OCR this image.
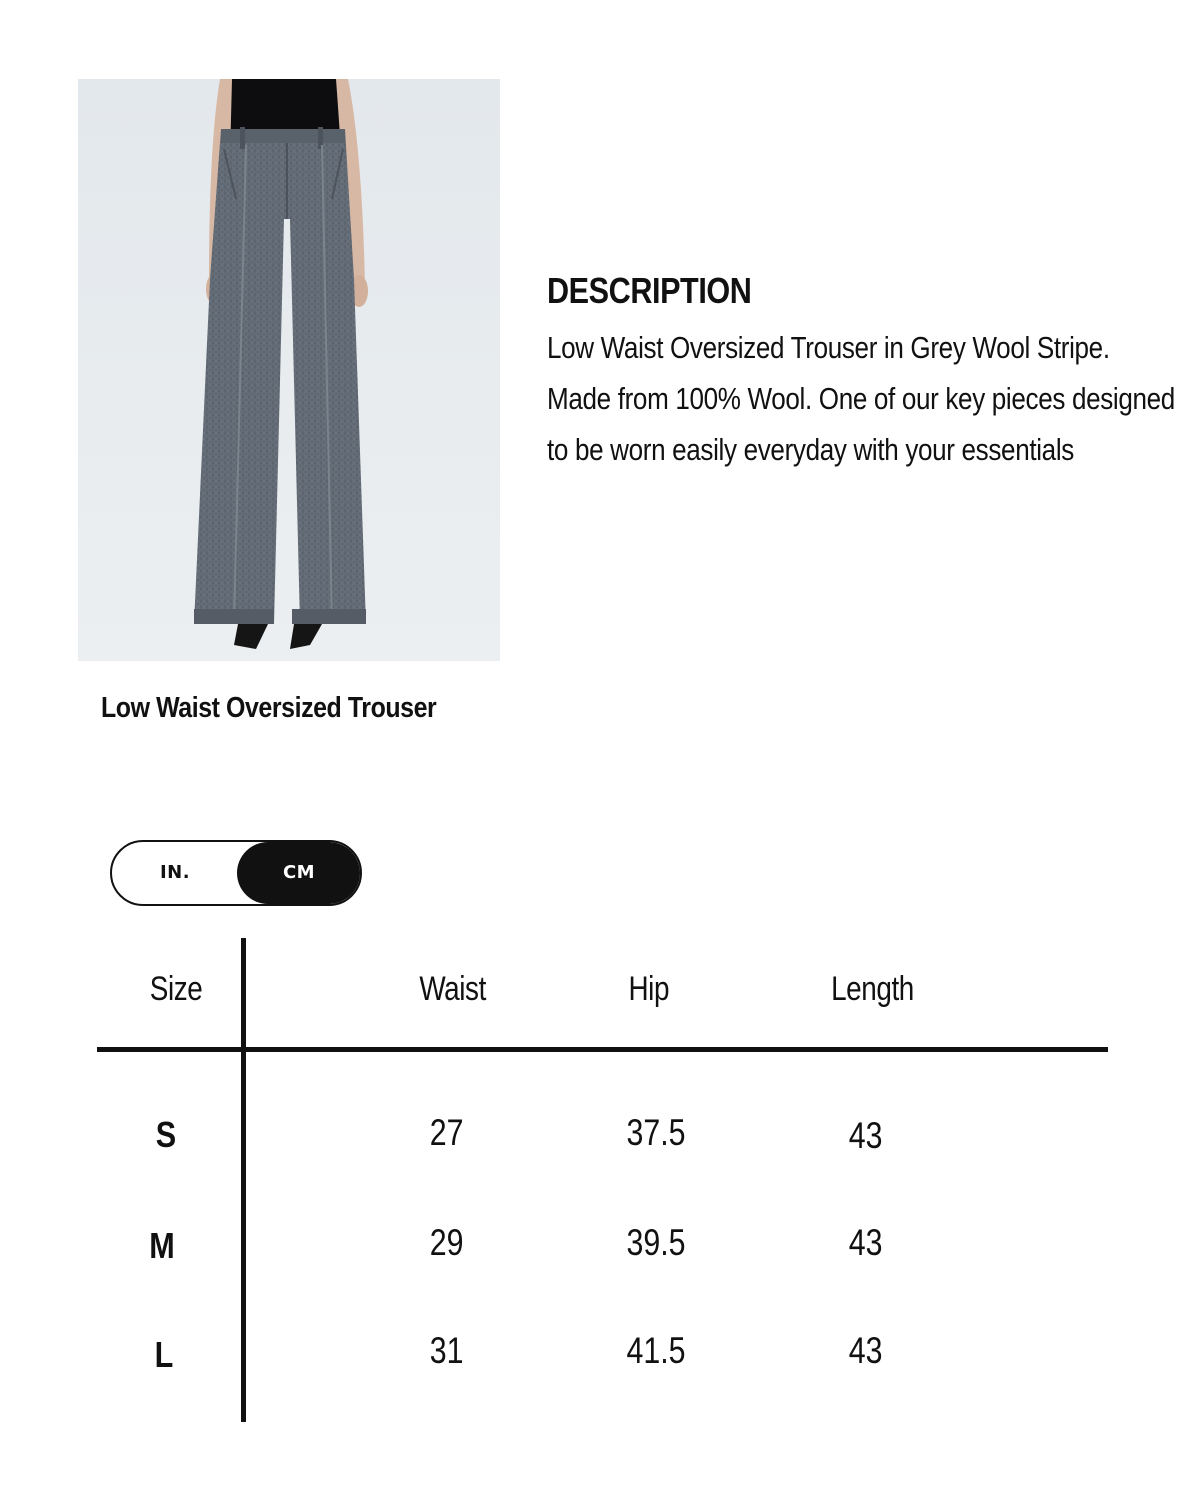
Low Waist Oversized Trouser
DESCRIPTION
Low Waist Oversized Trouser in Grey Wool Stripe.
Made from 100% Wool. One of our key pieces designed
to be worn easily everyday with your essentials
IN.	CM
Size	Waist	Hip	Length
S	27	37.5	43
M	29	39.5	43
L	31	41.5	43
